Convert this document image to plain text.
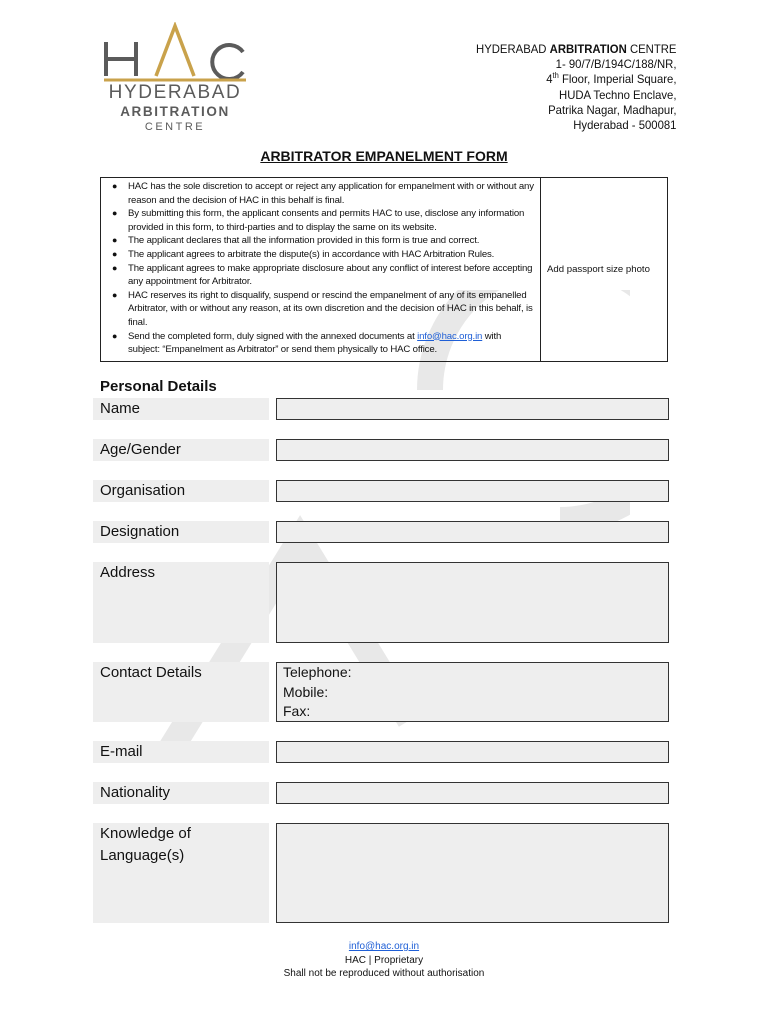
HYDERABAD
ARBITRATION
CENTRE
HYDERABAD ARBITRATION CENTRE
1- 90/7/B/194C/188/NR,
4th Floor, Imperial Square,
HUDA Techno Enclave,
Patrika Nagar, Madhapur,
Hyderabad - 500081
ARBITRATOR EMPANELMENT FORM
● HAC has the sole discretion to accept or reject any application for empanelment with or without any reason and the decision of HAC in this behalf is final.
● By submitting this form, the applicant consents and permits HAC to use, disclose any information provided in this form, to third-parties and to display the same on its website.
● The applicant declares that all the information provided in this form is true and correct.
● The applicant agrees to arbitrate the dispute(s) in accordance with HAC Arbitration Rules.
● The applicant agrees to make appropriate disclosure about any conflict of interest before accepting any appointment for Arbitrator.
● HAC reserves its right to disqualify, suspend or rescind the empanelment of any of its empanelled Arbitrator, with or without any reason, at its own discretion and the decision of HAC in this behalf, is final.
● Send the completed form, duly signed with the annexed documents at info@hac.org.in with subject: “Empanelment as Arbitrator” or send them physically to HAC office.
Add passport size photo
Personal Details
Name
Age/Gender
Organisation
Designation
Address
Contact Details	Telephone:
Mobile:
Fax:
E-mail
Nationality
Knowledge of Language(s)
info@hac.org.in
HAC | Proprietary
Shall not be reproduced without authorisation
